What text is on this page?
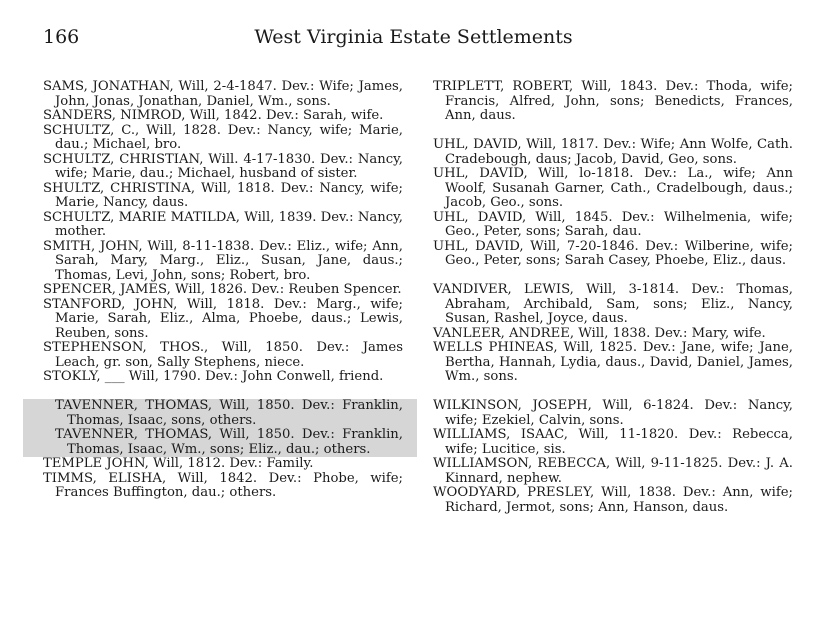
166	West Virginia Estate Settlements

SAMS, JONATHAN, Will, 2-4-1847. Dev.: Wife; James, John, Jonas, Jonathan, Daniel, Wm., sons.

SANDERS, NIMROD, Will, 1842. Dev.: Sarah, wife.

SCHULTZ, C., Will, 1828. Dev.: Nancy, wife; Marie, dau.; Michael, bro.

SCHULTZ, CHRISTIAN, Will. 4-17-1830. Dev.: Nancy, wife; Marie, dau.; Michael, husband of sister.

SHULTZ, CHRISTINA, Will, 1818. Dev.: Nancy, wife; Marie, Nancy, daus.

SCHULTZ, MARIE MATILDA, Will, 1839. Dev.: Nancy, mother.

SMITH, JOHN, Will, 8-11-1838. Dev.: Eliz., wife; Ann, Sarah, Mary, Marg., Eliz., Susan, Jane, daus.; Thomas, Levi, John, sons; Robert, bro.

SPENCER, JAMES, Will, 1826. Dev.: Reuben Spencer.

STANFORD, JOHN, Will, 1818. Dev.: Marg., wife; Marie, Sarah, Eliz., Alma, Phoebe, daus.; Lewis, Reuben, sons.

STEPHENSON, THOS., Will, 1850. Dev.: James Leach, gr. son, Sally Stephens, niece.

STOKLY, ___ Will, 1790. Dev.: John Conwell, friend.

TAVENNER, THOMAS, Will, 1850. Dev.: Franklin, Thomas, Isaac, sons, others.

TAVENNER, THOMAS, Will, 1850. Dev.: Franklin, Thomas, Isaac, Wm., sons; Eliz., dau.; others.

TEMPLE JOHN, Will, 1812. Dev.: Family.

TIMMS, ELISHA, Will, 1842. Dev.: Phobe, wife; Frances Buffington, dau.; others.

TRIPLETT, ROBERT, Will, 1843. Dev.: Thoda, wife; Francis, Alfred, John, sons; Benedicts, Frances, Ann, daus.

UHL, DAVID, Will, 1817. Dev.: Wife; Ann Wolfe, Cath. Cradebough, daus; Jacob, David, Geo, sons.

UHL, DAVID, Will, lo-1818. Dev.: La., wife; Ann Woolf, Susanah Garner, Cath., Cradelbough, daus.; Jacob, Geo., sons.

UHL, DAVID, Will, 1845. Dev.: Wilhelmenia, wife; Geo., Peter, sons; Sarah, dau.

UHL, DAVID, Will, 7-20-1846. Dev.: Wilberine, wife; Geo., Peter, sons; Sarah Casey, Phoebe, Eliz., daus.

VANDIVER, LEWIS, Will, 3-1814. Dev.: Thomas, Abraham, Archibald, Sam, sons; Eliz., Nancy, Susan, Rashel, Joyce, daus.

VANLEER, ANDREE, Will, 1838. Dev.: Mary, wife.

WELLS PHINEAS, Will, 1825. Dev.: Jane, wife; Jane, Bertha, Hannah, Lydia, daus., David, Daniel, James, Wm., sons.

WILKINSON, JOSEPH, Will, 6-1824. Dev.: Nancy, wife; Ezekiel, Calvin, sons.

WILLIAMS, ISAAC, Will, 11-1820. Dev.: Rebecca, wife; Lucitice, sis.

WILLIAMSON, REBECCA, Will, 9-11-1825. Dev.: J. A. Kinnard, nephew.

WOODYARD, PRESLEY, Will, 1838. Dev.: Ann, wife; Richard, Jermot, sons; Ann, Hanson, daus.
